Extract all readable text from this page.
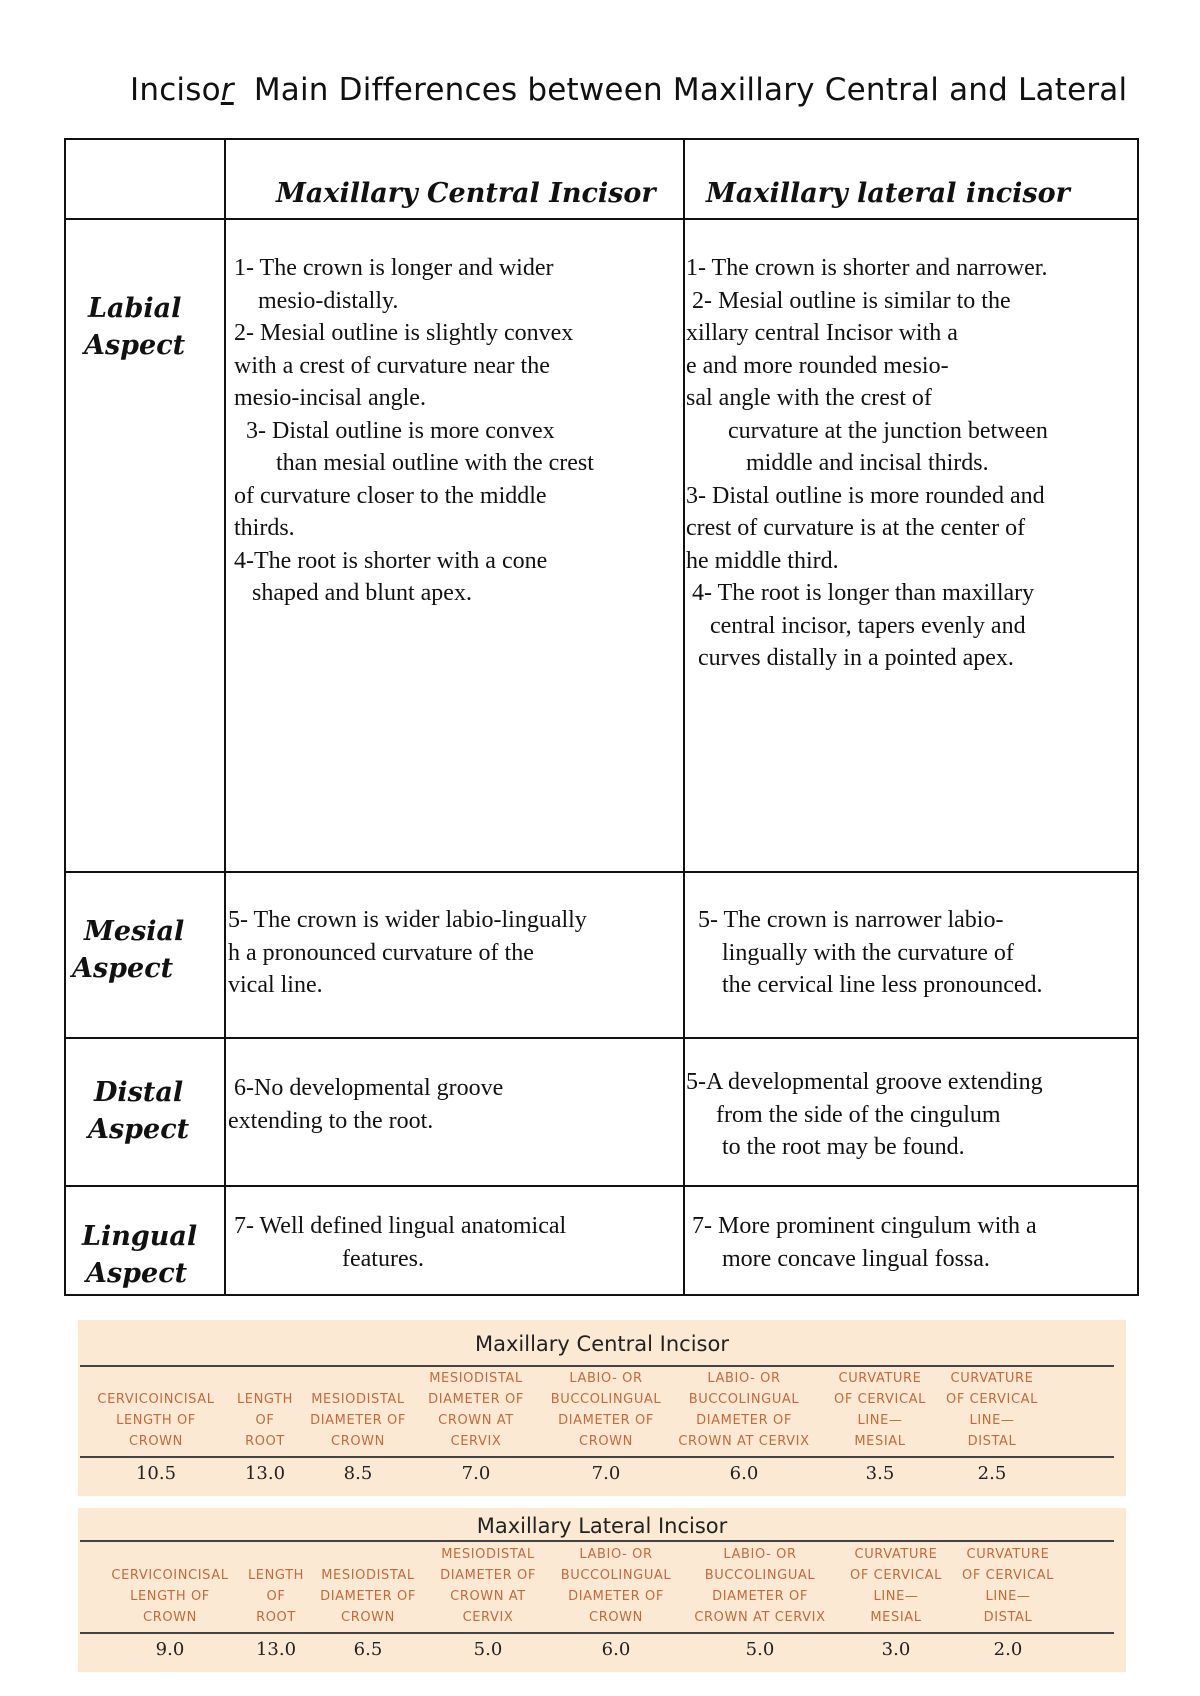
Incisor  Main Differences between Maxillary Central and Lateral
Maxillary Central Incisor Maxillary lateral incisor
Labial
Aspect

1- The crown is longer and wider

mesio-distally.

2- Mesial outline is slightly convex

with a crest of curvature near the

mesio-incisal angle.

3- Distal outline is more convex

than mesial outline with the crest

of curvature closer to the middle

thirds.

4-The root is shorter with a cone

shaped and blunt apex.

1- The crown is shorter and narrower.

2- Mesial outline is similar to the

xillary central Incisor with a

e and more rounded mesio-

sal angle with the crest of

curvature at the junction between

middle and incisal thirds.

3- Distal outline is more rounded and

crest of curvature is at the center of

he middle third.

4- The root is longer than maxillary

central incisor, tapers evenly and

curves distally in a pointed apex.

Mesial
Aspect

5- The crown is wider labio-lingually

h a pronounced curvature of the

vical line.

5- The crown is narrower labio-

lingually with the curvature of

the cervical line less pronounced.

Distal
Aspect

6-No developmental groove

extending to the root.

5-A developmental groove extending

from the side of the cingulum

to the root may be found.

Lingual
Aspect

7- Well defined lingual anatomical

features.

7- More prominent cingulum with a

more concave lingual fossa.

Maxillary Central Incisor
CERVICOINCISAL
LENGTH OF
CROWN
10.5
LENGTH
OF
ROOT
13.0
MESIODISTAL
DIAMETER OF
CROWN
8.5
MESIODISTAL
DIAMETER OF
CROWN AT
CERVIX
7.0
LABIO- OR
BUCCOLINGUAL
DIAMETER OF
CROWN
7.0
LABIO- OR
BUCCOLINGUAL
DIAMETER OF
CROWN AT CERVIX
6.0
CURVATURE
OF CERVICAL
LINE—
MESIAL
3.5
CURVATURE
OF CERVICAL
LINE—
DISTAL
2.5
Maxillary Lateral Incisor
CERVICOINCISAL
LENGTH OF
CROWN
9.0
LENGTH
OF
ROOT
13.0
MESIODISTAL
DIAMETER OF
CROWN
6.5
MESIODISTAL
DIAMETER OF
CROWN AT
CERVIX
5.0
LABIO- OR
BUCCOLINGUAL
DIAMETER OF
CROWN
6.0
LABIO- OR
BUCCOLINGUAL
DIAMETER OF
CROWN AT CERVIX
5.0
CURVATURE
OF CERVICAL
LINE—
MESIAL
3.0
CURVATURE
OF CERVICAL
LINE—
DISTAL
2.0
